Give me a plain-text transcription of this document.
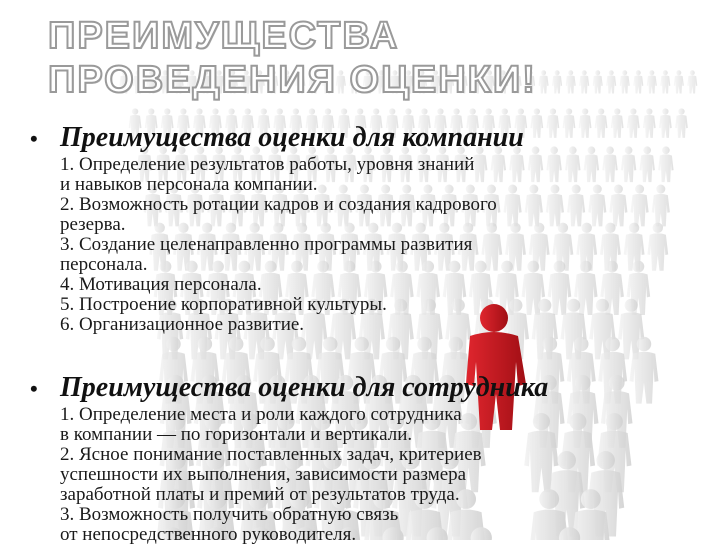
ПРЕИМУЩЕСТВА ПРОВЕДЕНИЯ ОЦЕНКИ!
• Преимущества оценки для компании
1. Определение результатов работы, уровня знаний
и навыков персонала компании.
2. Возможность ротации кадров и создания кадрового
резерва.
3. Создание целенаправленно программы развития
персонала.
4. Мотивация персонала.
5. Построение корпоративной культуры.
6. Организационное развитие.
• Преимущества оценки для сотрудника
1. Определение места и роли каждого сотрудника
в компании — по горизонтали и вертикали.
2. Ясное понимание поставленных задач, критериев
успешности их выполнения, зависимости размера
заработной платы и премий от результатов труда.
3. Возможность получить обратную связь
от непосредственного руководителя.
